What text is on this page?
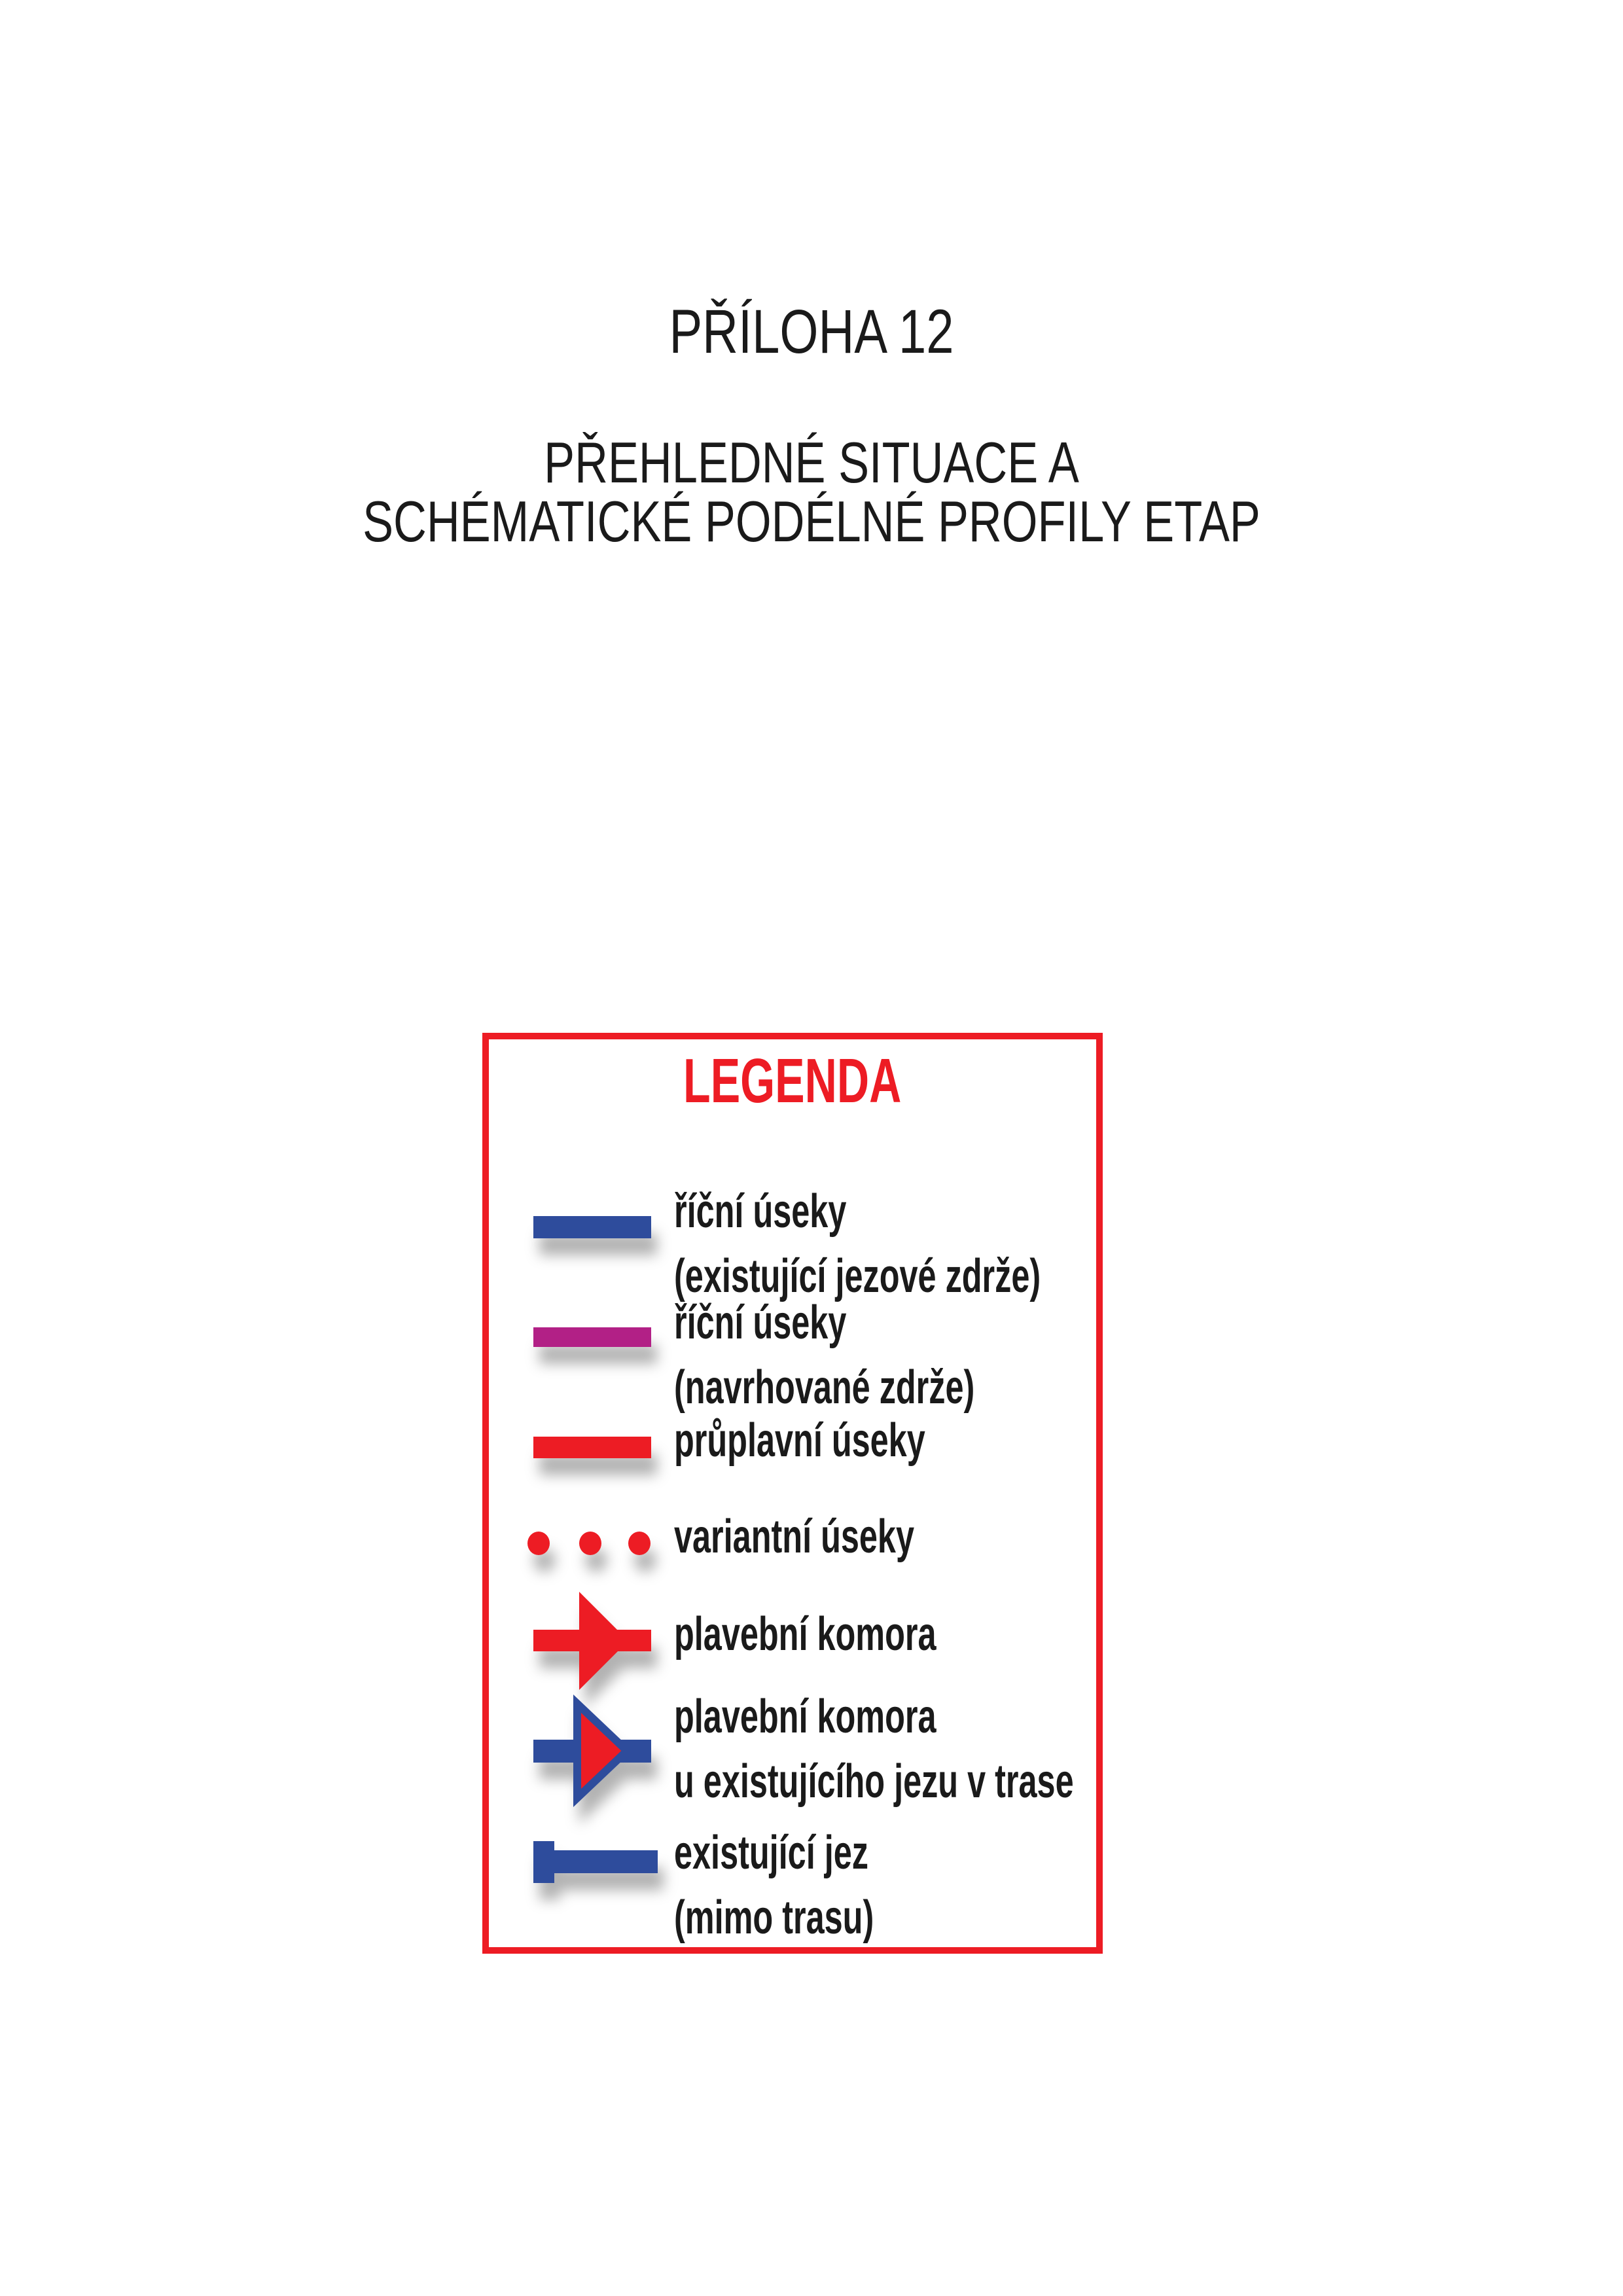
PŘÍLOHA 12
PŘEHLEDNÉ SITUACE A
SCHÉMATICKÉ PODÉLNÉ PROFILY ETAP
LEGENDA
říční úseky
(existující jezové zdrže)
říční úseky
(navrhované zdrže)
průplavní úseky
variantní úseky
plavební komora
plavební komora
u existujícího jezu v trase
existující jez
(mimo trasu)
